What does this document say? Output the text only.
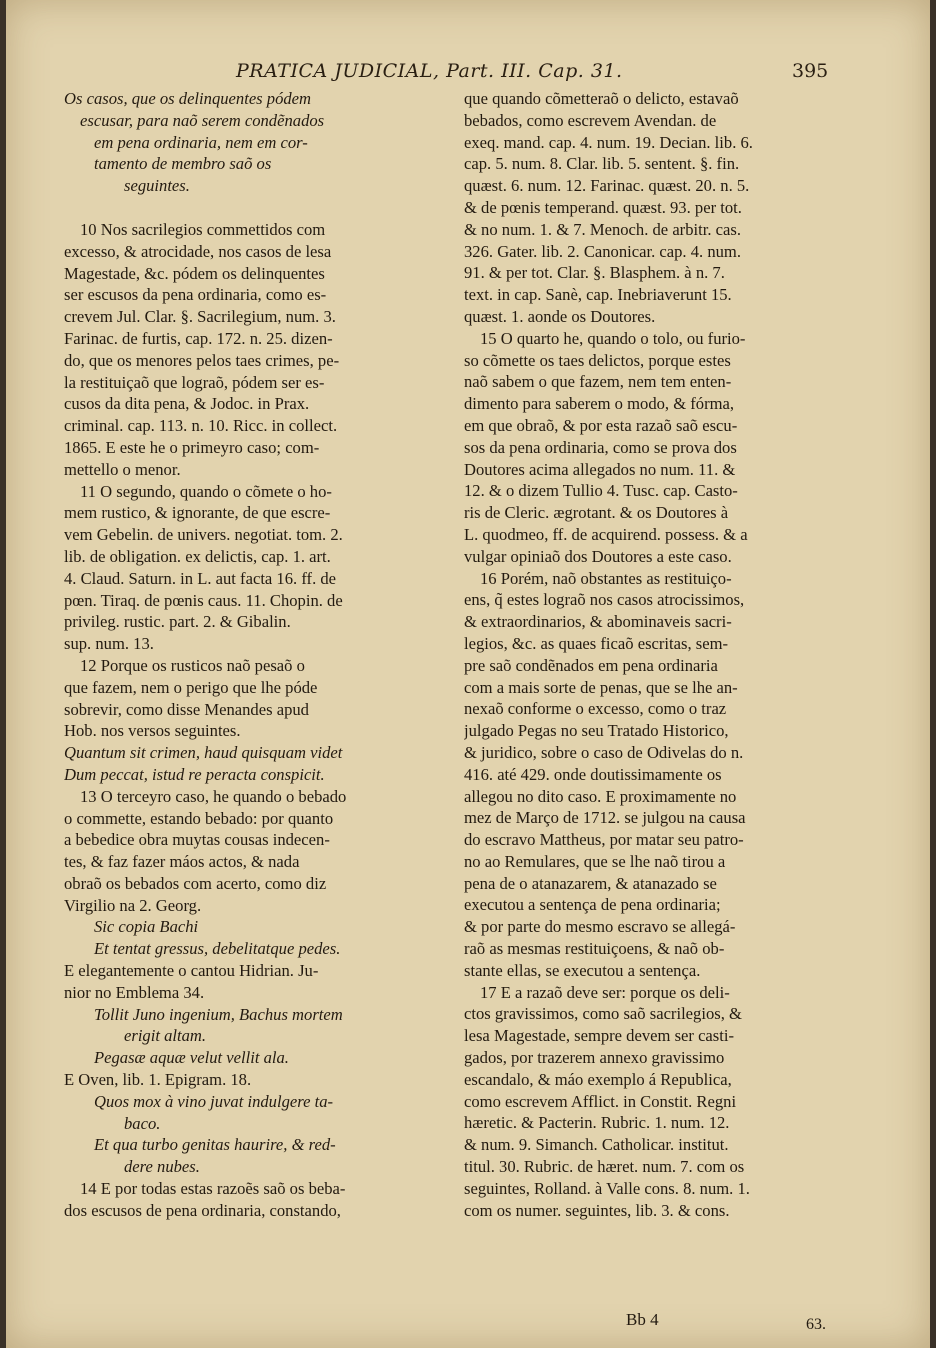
PRATICA JUDICIAL, Part. III. Cap. 31.	395
Os casos, que os delinquentes pódem
escusar, para naõ serem condẽnados
em pena ordinaria, nem em cor-
tamento de membro saõ os
seguintes.
10 Nos sacrilegios commettidos com
excesso, & atrocidade, nos casos de lesa
Magestade, &c. pódem os delinquentes
ser escusos da pena ordinaria, como es-
crevem Jul. Clar. §. Sacrilegium, num. 3.
Farinac. de furtis, cap. 172. n. 25. dizen-
do, que os menores pelos taes crimes, pe-
la restituiçaõ que lograõ, pódem ser es-
cusos da dita pena, & Jodoc. in Prax.
criminal. cap. 113. n. 10. Ricc. in collect.
1865. E este he o primeyro caso; com-
mettello o menor.
11 O segundo, quando o cõmete o ho-
mem rustico, & ignorante, de que escre-
vem Gebelin. de univers. negotiat. tom. 2.
lib. de obligation. ex delictis, cap. 1. art.
4. Claud. Saturn. in L. aut facta 16. ff. de
pœn. Tiraq. de pœnis caus. 11. Chopin. de
privileg. rustic. part. 2. & Gibalin.
sup. num. 13.
12 Porque os rusticos naõ pesaõ o
que fazem, nem o perigo que lhe póde
sobrevir, como disse Menandes apud
Hob. nos versos seguintes.
Quantum sit crimen, haud quisquam videt
Dum peccat, istud re peracta conspicit.
13 O terceyro caso, he quando o bebado
o commette, estando bebado: por quanto
a bebedice obra muytas cousas indecen-
tes, & faz fazer máos actos, & nada
obraõ os bebados com acerto, como diz
Virgilio na 2. Georg.
Sic copia Bachi
Et tentat gressus, debelitatque pedes.
E elegantemente o cantou Hidrian. Ju-
nior no Emblema 34.
Tollit Juno ingenium, Bachus mortem
erigit altam.
Pegasæ aquæ velut vellit ala.
E Oven, lib. 1. Epigram. 18.
Quos mox à vino juvat indulgere ta-
baco.
Et qua turbo genitas haurire, & red-
dere nubes.
14 E por todas estas razoẽs saõ os beba-
dos escusos de pena ordinaria, constando,
que quando cõmetteraõ o delicto, estavaõ
bebados, como escrevem Avendan. de
exeq. mand. cap. 4. num. 19. Decian. lib. 6.
cap. 5. num. 8. Clar. lib. 5. sentent. §. fin.
quæst. 6. num. 12. Farinac. quæst. 20. n. 5.
& de pœnis temperand. quæst. 93. per tot.
& no num. 1. & 7. Menoch. de arbitr. cas.
326. Gater. lib. 2. Canonicar. cap. 4. num.
91. & per tot. Clar. §. Blasphem. à n. 7.
text. in cap. Sanè, cap. Inebriaverunt 15.
quæst. 1. aonde os Doutores.
15 O quarto he, quando o tolo, ou furio-
so cõmette os taes delictos, porque estes
naõ sabem o que fazem, nem tem enten-
dimento para saberem o modo, & fórma,
em que obraõ, & por esta razaõ saõ escu-
sos da pena ordinaria, como se prova dos
Doutores acima allegados no num. 11. &
12. & o dizem Tullio 4. Tusc. cap. Casto-
ris de Cleric. ægrotant. & os Doutores à
L. quodmeo, ff. de acquirend. possess. & a
vulgar opiniaõ dos Doutores a este caso.
16 Porém, naõ obstantes as restituiço-
ens, q̃ estes lograõ nos casos atrocissimos,
& extraordinarios, & abominaveis sacri-
legios, &c. as quaes ficaõ escritas, sem-
pre saõ condẽnados em pena ordinaria
com a mais sorte de penas, que se lhe an-
nexaõ conforme o excesso, como o traz
julgado Pegas no seu Tratado Historico,
& juridico, sobre o caso de Odivelas do n.
416. até 429. onde doutissimamente os
allegou no dito caso. E proximamente no
mez de Março de 1712. se julgou na causa
do escravo Mattheus, por matar seu patro-
no ao Remulares, que se lhe naõ tirou a
pena de o atanazarem, & atanazado se
executou a sentença de pena ordinaria;
& por parte do mesmo escravo se allegá-
raõ as mesmas restituiçoens, & naõ ob-
stante ellas, se executou a sentença.
17 E a razaõ deve ser: porque os deli-
ctos gravissimos, como saõ sacrilegios, &
lesa Magestade, sempre devem ser casti-
gados, por trazerem annexo gravissimo
escandalo, & máo exemplo á Republica,
como escrevem Afflict. in Constit. Regni
hæretic. & Pacterin. Rubric. 1. num. 12.
& num. 9. Simanch. Catholicar. institut.
titul. 30. Rubric. de hæret. num. 7. com os
seguintes, Rolland. à Valle cons. 8. num. 1.
com os numer. seguintes, lib. 3. & cons.
Bb 4	63.
